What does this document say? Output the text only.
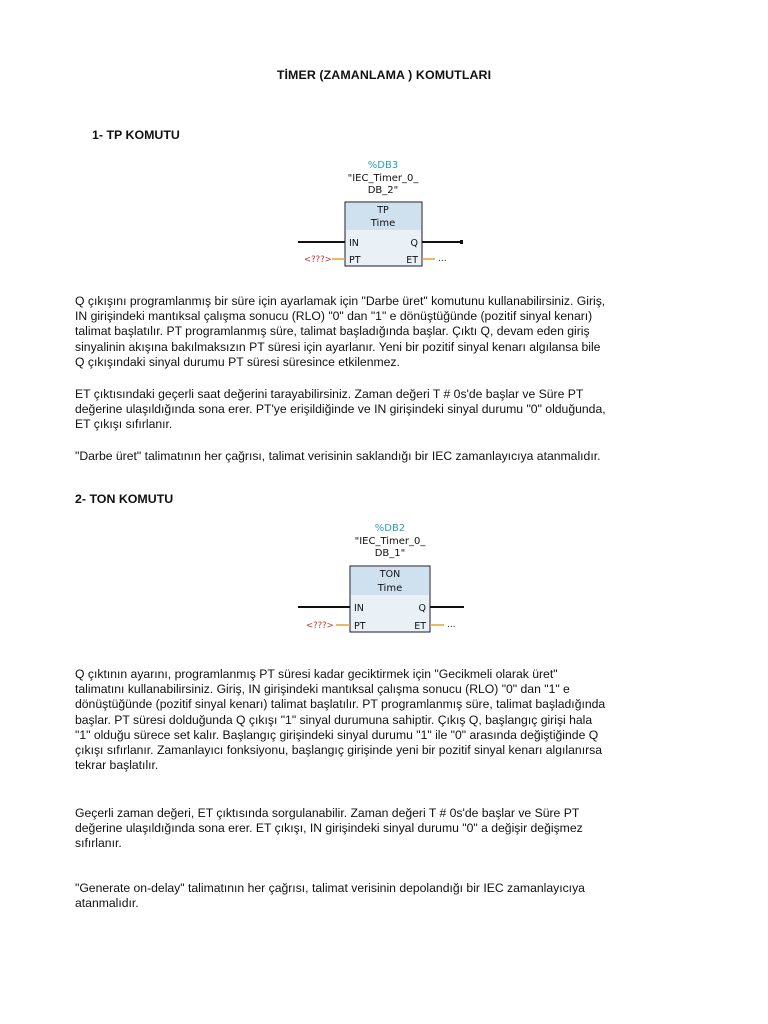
TİMER (ZAMANLAMA ) KOMUTLARI
1- TP KOMUTU
%DB3
"IEC_Timer_0_
DB_2"
TP
Time
IN	Q
<???> PT	ET ...
Q çıkışını programlanmış bir süre için ayarlamak için "Darbe üret" komutunu kullanabilirsiniz. Giriş,
IN girişindeki mantıksal çalışma sonucu (RLO) "0" dan "1" e dönüştüğünde (pozitif sinyal kenarı)
talimat başlatılır. PT programlanmış süre, talimat başladığında başlar. Çıktı Q, devam eden giriş
sinyalinin akışına bakılmaksızın PT süresi için ayarlanır. Yeni bir pozitif sinyal kenarı algılansa bile
Q çıkışındaki sinyal durumu PT süresi süresince etkilenmez.
ET çıktısındaki geçerli saat değerini tarayabilirsiniz. Zaman değeri T # 0s'de başlar ve Süre PT
değerine ulaşıldığında sona erer. PT'ye erişildiğinde ve IN girişindeki sinyal durumu "0" olduğunda,
ET çıkışı sıfırlanır.
"Darbe üret" talimatının her çağrısı, talimat verisinin saklandığı bir IEC zamanlayıcıya atanmalıdır.
2- TON KOMUTU
%DB2
"IEC_Timer_0_
DB_1"
TON
Time
IN	Q
<???> PT	ET ...
Q çıktının ayarını, programlanmış PT süresi kadar geciktirmek için "Gecikmeli olarak üret"
talimatını kullanabilirsiniz. Giriş, IN girişindeki mantıksal çalışma sonucu (RLO) "0" dan "1" e
dönüştüğünde (pozitif sinyal kenarı) talimat başlatılır. PT programlanmış süre, talimat başladığında
başlar. PT süresi dolduğunda Q çıkışı "1" sinyal durumuna sahiptir. Çıkış Q, başlangıç girişi hala
"1" olduğu sürece set kalır. Başlangıç girişindeki sinyal durumu "1" ile "0" arasında değiştiğinde Q
çıkışı sıfırlanır. Zamanlayıcı fonksiyonu, başlangıç girişinde yeni bir pozitif sinyal kenarı algılanırsa
tekrar başlatılır.
Geçerli zaman değeri, ET çıktısında sorgulanabilir. Zaman değeri T # 0s'de başlar ve Süre PT
değerine ulaşıldığında sona erer. ET çıkışı, IN girişindeki sinyal durumu "0" a değişir değişmez
sıfırlanır.
"Generate on-delay" talimatının her çağrısı, talimat verisinin depolandığı bir IEC zamanlayıcıya
atanmalıdır.
